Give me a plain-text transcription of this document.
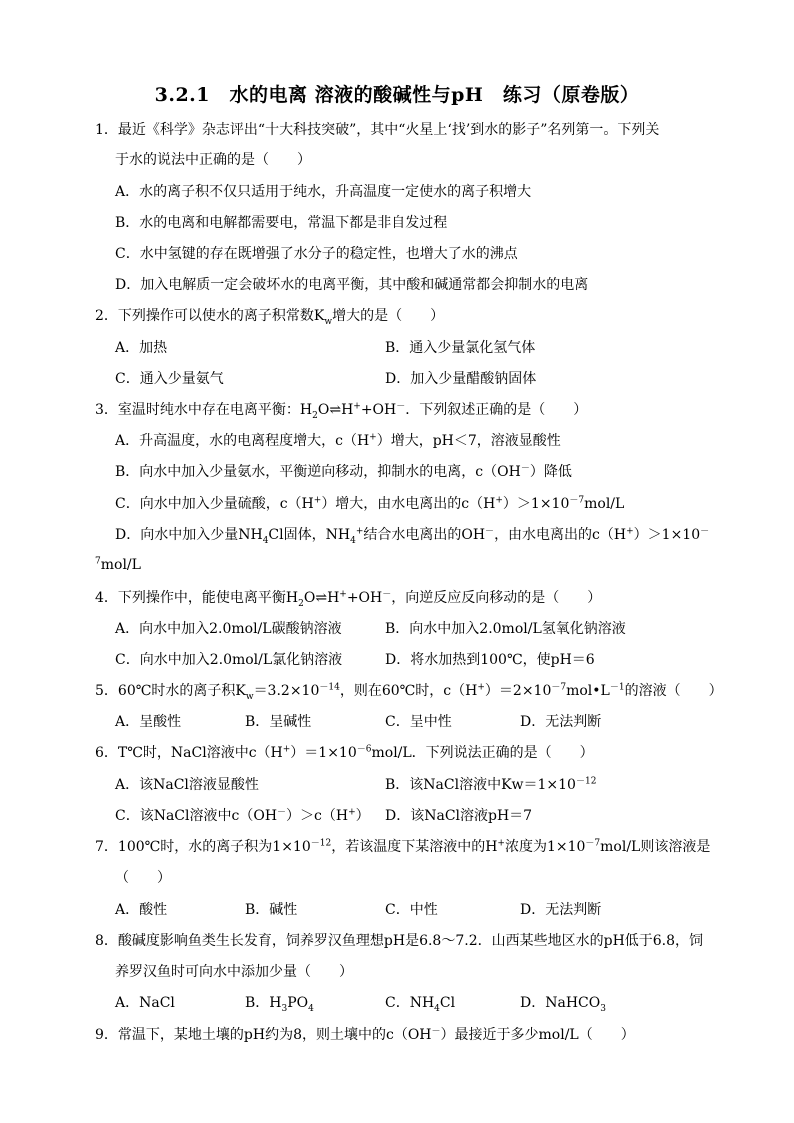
3.2.1　水的电离 溶液的酸碱性与pH　练习（原卷版）
1．最近《科学》杂志评出“十大科技突破”，其中“火星上‘找’到水的影子”名列第一。下列关
于水的说法中正确的是（　　）
A．水的离子积不仅只适用于纯水，升高温度一定使水的离子积增大
B．水的电离和电解都需要电，常温下都是非自发过程
C．水中氢键的存在既增强了水分子的稳定性，也增大了水的沸点
D．加入电解质一定会破坏水的电离平衡，其中酸和碱通常都会抑制水的电离
2．下列操作可以使水的离子积常数$K_w$增大的是（　　）
A．加热	B．通入少量氯化氢气体
C．通入少量氨气	D．加入少量醋酸钠固体
3．室温时纯水中存在电离平衡：$H_2O\rightleftharpoons H^++OH^-$．下列叙述正确的是（　　）
A．升高温度，水的电离程度增大，c（H+）增大，pH＜7，溶液显酸性
B．向水中加入少量氨水，平衡逆向移动，抑制水的电离，c（OH－）降低
C．向水中加入少量硫酸，c（H+）增大，由水电离出的$c(H^+)>1\times 10^{-7}mol/L$
D．向水中加入少量$NH_4Cl$固体，$NH_4^+$结合水电离出的OH－，由水电离出的c（H+）＞1×10－
$^7$mol/L
4．下列操作中，能使电离平衡$H_2O\rightleftharpoons H^++OH^-$，向逆反应反向移动的是（　　）
A．向水中加入2.0mol/L碳酸钠溶液	B．向水中加入2.0mol/L氢氧化钠溶液
C．向水中加入2.0mol/L氯化钠溶液	D．将水加热到100℃，使pH＝6
5．60℃时水的离子积$K_w=3.2\times 10^{-14}$，则在60℃时，$c(H^+)=2\times 10^{-7}mol•L^{-1}$的溶液（　　）
A．呈酸性	B．呈碱性	C．呈中性	D．无法判断
6．T℃时，NaCl溶液中$c(H^+)=1\times 10^{-6}mol/L$．下列说法正确的是（　　）
A．该NaCl溶液显酸性	B．该NaCl溶液中$Kw=1\times 10^{-12}$
C．该NaCl溶液中c（OH－）＞c（H+） D．该NaCl溶液pH＝7
7．100℃时，水的离子积为$1\times 10^{-12}$，若该温度下某溶液中的H+浓度为$1\times 10^{-7}mol/L$则该溶液是
（　　）
A．酸性	B．碱性	C．中性	D．无法判断
8．酸碱度影响鱼类生长发育，饲养罗汉鱼理想pH是6.8～7.2．山西某些地区水的pH低于6.8，饲
养罗汉鱼时可向水中添加少量（　　）
A．NaCl	B．$H_3PO_4$	C．$NH_4Cl$	D．NaHCO$_3$
9．常温下，某地土壤的pH约为8，则土壤中的c（OH－）最接近于多少mol/L（　　）
